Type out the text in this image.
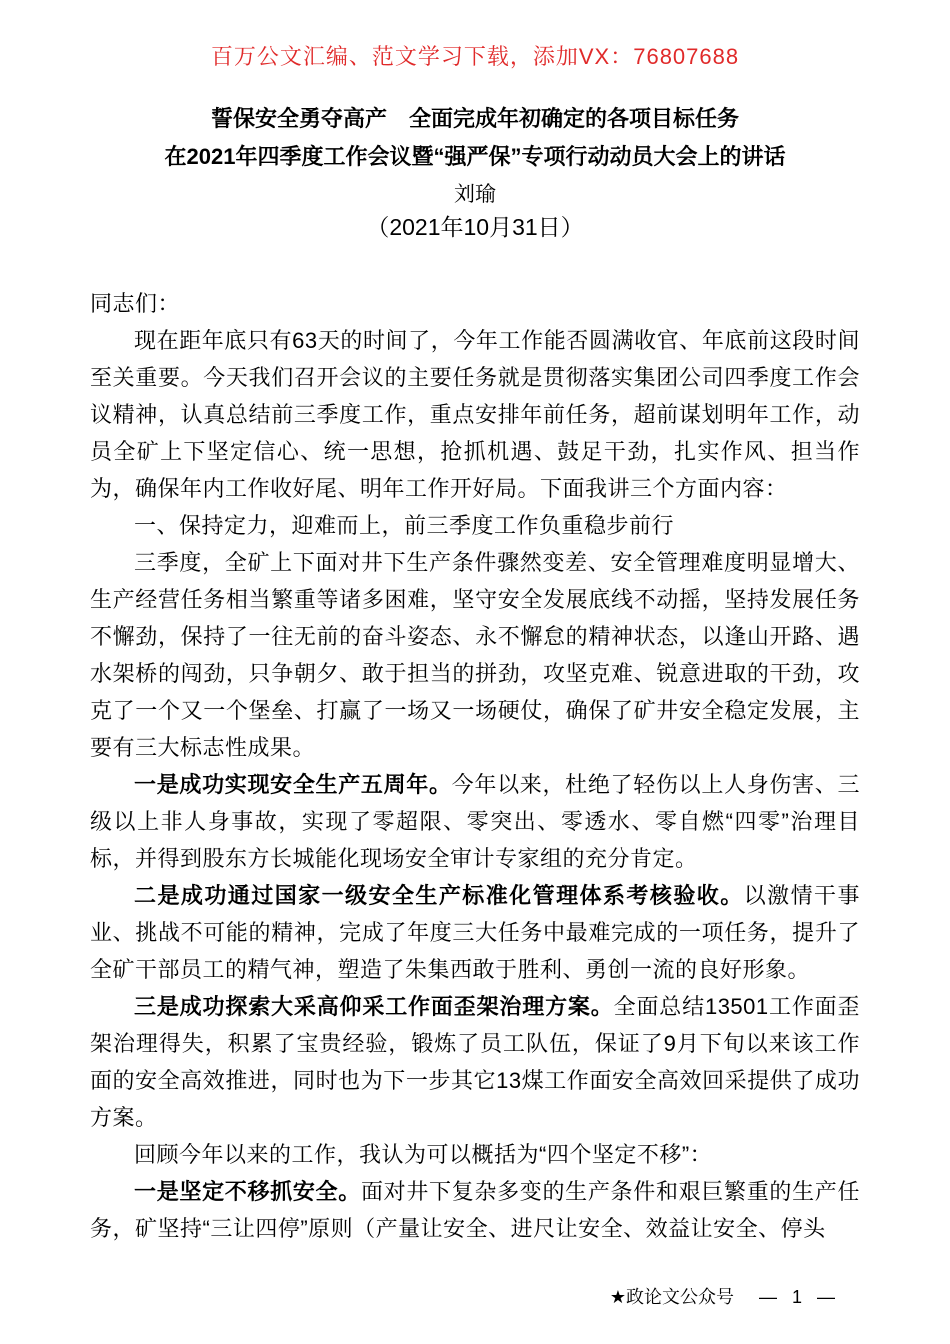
百万公文汇编、范文学习下载，添加VX：76807688
誓保安全勇夺高产　全面完成年初确定的各项目标任务
在2021年四季度工作会议暨“强严保”专项行动动员大会上的讲话
刘瑜
（2021年10月31日）

同志们：

现在距年底只有63天的时间了，今年工作能否圆满收官、年底前这段时间至关重要。今天我们召开会议的主要任务就是贯彻落实集团公司四季度工作会议精神，认真总结前三季度工作，重点安排年前任务，超前谋划明年工作，动员全矿上下坚定信心、统一思想，抢抓机遇、鼓足干劲，扎实作风、担当作为，确保年内工作收好尾、明年工作开好局。下面我讲三个方面内容：

一、保持定力，迎难而上，前三季度工作负重稳步前行

三季度，全矿上下面对井下生产条件骤然变差、安全管理难度明显增大、生产经营任务相当繁重等诸多困难，坚守安全发展底线不动摇，坚持发展任务不懈劲，保持了一往无前的奋斗姿态、永不懈怠的精神状态，以逢山开路、遇水架桥的闯劲，只争朝夕、敢于担当的拼劲，攻坚克难、锐意进取的干劲，攻克了一个又一个堡垒、打赢了一场又一场硬仗，确保了矿井安全稳定发展，主要有三大标志性成果。

一是成功实现安全生产五周年。今年以来，杜绝了轻伤以上人身伤害、三级以上非人身事故，实现了零超限、零突出、零透水、零自燃“四零”治理目标，并得到股东方长城能化现场安全审计专家组的充分肯定。

二是成功通过国家一级安全生产标准化管理体系考核验收。以激情干事业、挑战不可能的精神，完成了年度三大任务中最难完成的一项任务，提升了全矿干部员工的精气神，塑造了朱集西敢于胜利、勇创一流的良好形象。

三是成功探索大采高仰采工作面歪架治理方案。全面总结13501工作面歪架治理得失，积累了宝贵经验，锻炼了员工队伍，保证了9月下旬以来该工作面的安全高效推进，同时也为下一步其它13煤工作面安全高效回采提供了成功方案。

回顾今年以来的工作，我认为可以概括为“四个坚定不移”：

一是坚定不移抓安全。面对井下复杂多变的生产条件和艰巨繁重的生产任务，矿坚持“三让四停”原则（产量让安全、进尺让安全、效益让安全、停头

★政论文公众号 — 1 —
